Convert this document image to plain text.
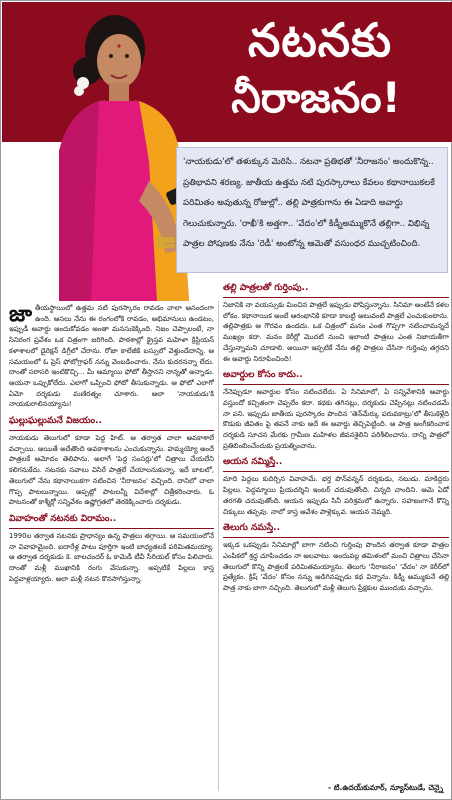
నటనకు
నీరాజనం!

'నాయకుడు'లో తళుక్కున మెరిసి.. నటనా ప్రతిభతో 'నీరాజనం' అందుకొన్న.. ప్రతిభావని శరణ్య. జాతీయ ఉత్తమ నటి పురస్కారాలు కేవలం కథానాయికలకే పరిమితం అవుతున్న రోజుల్లో.. తల్లి పాత్రకుగాను ఈ ఏడాది అవార్డు గెలుచుకున్నారు. 'రాఖీ'కి అత్తగా.. 'వేదం'లో కిడ్నీఅమ్ముకొనే తల్లిగా.. విభిన్న పాత్రల పోషణకు నేను 'రెడీ' అంటోన్న ఆమెతో వసుంధర ముచ్చటించింది.

జా తీయస్థాయిలో ఉత్తమ నటి పురస్కారం రావడం చాలా ఆనందంగా ఉంది. అసలు నేను ఈ రంగంలోకి రావడం, అభిమానులు ఉండటం, ఇప్పుడీ అవార్డు అందుకోవడం అంతా మనసుకెక్కింది. నిజం చెప్పాలంటే, నా సినిరంగ ప్రవేశం ఒక చిత్రంగా జరిగింది. పాఠశాల్లో క్రైస్తవ మహిళా క్రిస్టియన్ కళాశాలలో డైరెక్షన్ డిగ్రీలో చేరాను. రోజా కాలేజీకి బస్సులో వెళ్తుండేదాన్ని. ఆ సమయంలో ఓ ప్రెస్ ఫోటోగ్రాఫర్ నన్ను వెంబడించారు. నేను కుదరనన్నా లేదు. దాంతో సరాసరి ఇంటికొచ్చి... మీ అమ్మాయి ఫోటో తీస్తానని నాన్నతో అన్నాడు. ఆయనా ఒప్పుకోలేదు. ఎలాగో ఒప్పించి ఫోటో తీసుకున్నాడు. ఆ ఫోటో ఎలాగో ఏమో దర్శకుడు మణిరత్నం చూశారు. అలా 'నాయకుడు'కి నాయకురాలినయ్యాను!

ఘల్లుఘల్లుమనే విజయం..

నాయకుడు తెలుగులో కూడా పెద్ద హిట్. ఆ తర్వాత చాలా అవకాశాలే వచ్చాయి. అయితే అదేతొంది అవకాశాలను ఎంచుకున్నాను. హమ్మయ్యో అందే పాత్రలకే ఆమోదం తెలిపాను. అలాగే 'పెద్ద సంసర్లు'లో చిత్రాలు చేయలేని కలిగనుకేదు. నటనకు సవాలు విసిరే పాత్రలే చేయాలనుకున్నా. ఇదే బాటలో, తెలుగులో నేను కథానాయికగా నటించిన 'నీరాజనం' వచ్చింది. దానిలో చాలా గొప్ప పాటలున్నాయి. అప్పట్లో పాటలన్నీ విదేశాల్లో చిత్రీకరించారు. ఓ పాటనంతో కాశ్మీర్లో సన్నివేశం ఉష్ణోగ్రతలో తెరకెక్కించారు దర్శకుడు.

వివాహంతో నటనకు విరామం..

1990ల తర్వాత నటనకు ప్రాధాన్యం ఉన్న పాత్రలు తగ్గాయి. ఆ సమయంలోనే నా వివాహమైంది. ఐదారేళ్ల పాటు పూర్తిగా ఇంటి బాధ్యతలకే పరిమితమయ్యా. ఆ తర్వాత దర్శకుడు కె. బాలచందర్ ఓ కామెడీ టీవీ సీరియల్ కోసం పిలిచారు. దాంతో మళ్లీ ముఖానికి రంగు వేసుకున్నా. అప్పటికే పిల్లలు కాస్త పెద్దవాళ్లయ్యారు. అలా మళ్లీ నటన కొనసాగిస్తున్నా.

తల్లి పాత్రలతో గుర్తింపు..

నిజానికి నా వయస్సుకు మించిన పాత్రలే ఇప్పుడు పోషిస్తున్నాను. సినిమా అంటేనే కళల లోకం. కథానాయిక అంటే ఆరంభానికి కూడా కాబట్టి అటువంటి పాత్రలే ఎంచుకుంటాను. తల్లిపాత్రకు ఆ గౌరవం ఉండదు. ఒక చిత్రంలో మనం ఎంత గొప్పగా నటించామన్నదే ముఖ్యం కదా. మనం కెరీర్లో మొదటి నుంచి ఇలాంటి పాత్రలు ఎంత నిజాయతీగా చేస్తున్నామని చూడాలి. అయినా ఇప్పటికే నేను తల్లి పాత్రలు చేసినా గుర్తింపు తగ్గదని ఈ అవార్డు నిరూపించింది!

అవార్డుల కోసం కాదు..

నేనెప్పుడూ అవార్డుల కోసం నటించలేదు. ఏ సినిమాలో, ఏ సన్నివేశానికి అవార్డు వస్తుందో కచ్చితంగా చెప్పలేం కదా. కథకు తగినట్లు, దర్శకుడు చెప్పినట్లు నటించడమే నా పని. ఇప్పుడు జాతీయ పురస్కారం పొందిన 'తెన్‌మేర్కు పరువకాట్రు'లో తీసుకెళ్లేది కొడుకు జీవితం పై తపనే నాకు అదే ఈ అవార్డు తెచ్చిపెట్టింది. ఆ పాత్ర అంగీకరించాక దర్శకుడి సూచన మేరకు గ్రామీణ మహిళల జీవనశైలిని పరిశీలించాను. దాన్ని పాత్రలో ప్రతిబింబించేందుకు ప్రయత్నించాను.

ఆయన నమ్మిస్తే..

మాది పెద్దలు కుదిర్చిన వివాహమే. భర్త పొన్‌వన్నన్ దర్శకుడు, నటుడు. మాకిద్దరు పిల్లలు. పెద్దమ్మాయి ప్రియదర్శిని ఇంటర్ చదువుతోంది. చిన్నది చాందిని. ఆమె ఏడో తరగతి చదువుతోంది. ఆయన ఇప్పుడు సినీ పరిశ్రమలో ఉన్నారు. సహజంగానే కొన్ని చిక్కులు తప్పవు. నాలో కాస్త ఆవేశం పాళ్లెక్కువ. ఆయన నెమ్మది.

తెలుగు నమస్తే..

ఇక్కడ ఒకప్పుడు సినిమాల్లో బాగా నటించి గుర్తింపు పొందిన తర్వాత కూడా పాత్రల ఎంపికలో శ్రద్ధ చూపించడం నా అలవాటు. అందువల్ల తమిళంలో మంచి చిత్రాలు చేసినా తెలుగులో కొన్ని పాత్రలకే పరిమితమయ్యాను. తెలుగు 'నీరాజనం' 'వేదం' నా కెరీర్‌లో ప్రత్యేకం. క్రిష్ 'వేదం' కోసం నన్ను అడిగినప్పుడు కథ విన్నాను. కిడ్నీ అమ్ముకునే తల్లి పాత్ర నాకు బాగా నచ్చింది. తెలుగులో మళ్లీ తెలుగు ప్రేక్షకుల ముందుకు వచ్చాను.

- టి.ఉదయ్‌కుమార్, న్యూస్‌టుడే, చెన్నై
